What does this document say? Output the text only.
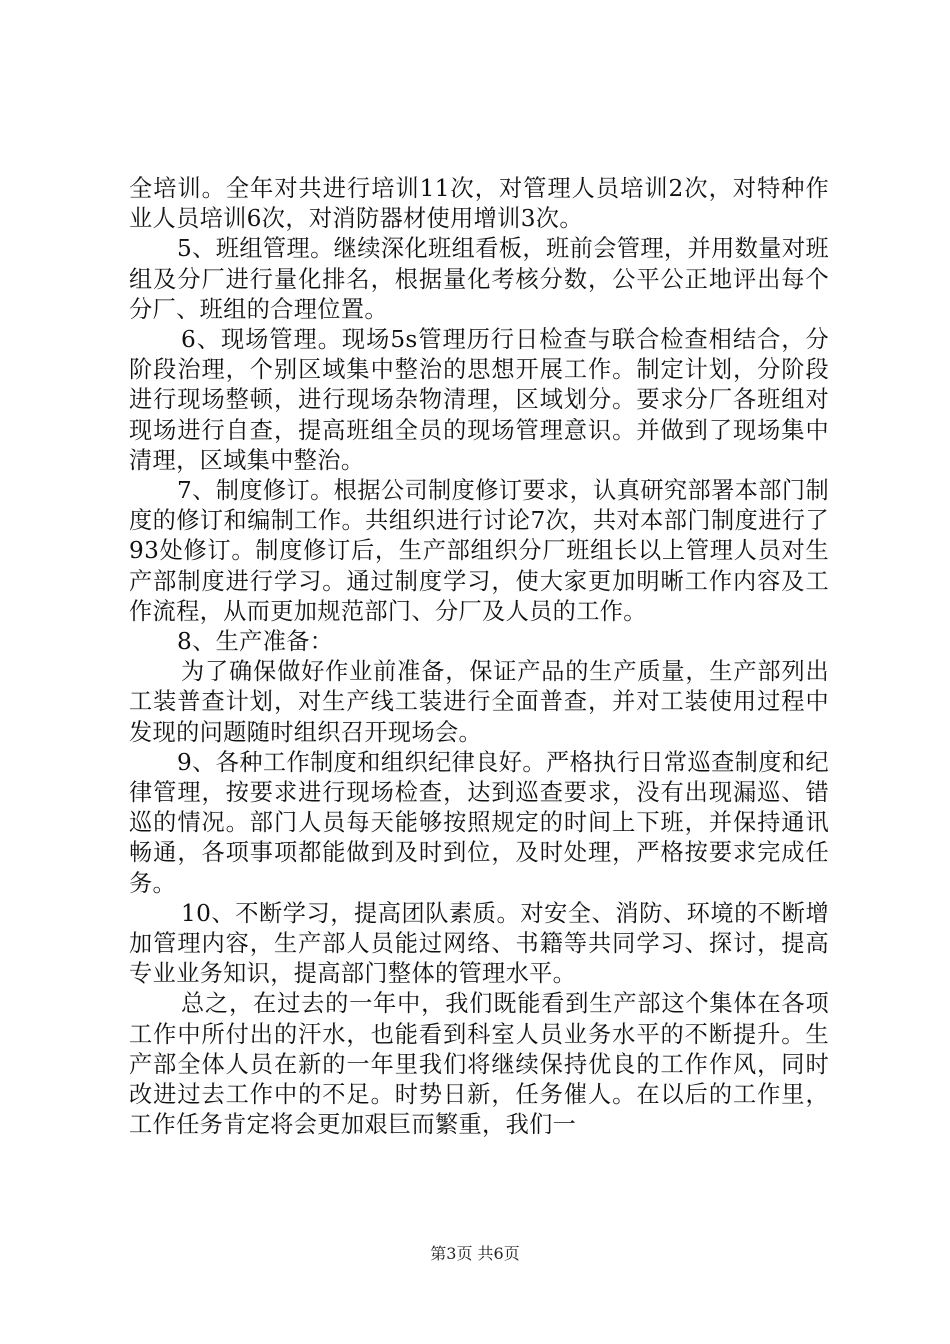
全培训。全年对共进行培训11次，对管理人员培训2次，对特种作业人员培训6次，对消防器材使用增训3次。

5、班组管理。继续深化班组看板，班前会管理，并用数量对班组及分厂进行量化排名，根据量化考核分数，公平公正地评出每个分厂、班组的合理位置。

6、现场管理。现场5s管理历行日检查与联合检查相结合，分阶段治理，个别区域集中整治的思想开展工作。制定计划，分阶段进行现场整顿，进行现场杂物清理，区域划分。要求分厂各班组对现场进行自查，提高班组全员的现场管理意识。并做到了现场集中清理，区域集中整治。

7、制度修订。根据公司制度修订要求，认真研究部署本部门制度的修订和编制工作。共组织进行讨论7次，共对本部门制度进行了93处修订。制度修订后，生产部组织分厂班组长以上管理人员对生产部制度进行学习。通过制度学习，使大家更加明晰工作内容及工作流程，从而更加规范部门、分厂及人员的工作。

8、生产准备：

为了确保做好作业前准备，保证产品的生产质量，生产部列出工装普查计划，对生产线工装进行全面普查，并对工装使用过程中发现的问题随时组织召开现场会。

9、各种工作制度和组织纪律良好。严格执行日常巡查制度和纪律管理，按要求进行现场检查，达到巡查要求，没有出现漏巡、错巡的情况。部门人员每天能够按照规定的时间上下班，并保持通讯畅通，各项事项都能做到及时到位，及时处理，严格按要求完成任务。

10、不断学习，提高团队素质。对安全、消防、环境的不断增加管理内容，生产部人员能过网络、书籍等共同学习、探讨，提高专业业务知识，提高部门整体的管理水平。

总之，在过去的一年中，我们既能看到生产部这个集体在各项工作中所付出的汗水，也能看到科室人员业务水平的不断提升。生产部全体人员在新的一年里我们将继续保持优良的工作作风，同时改进过去工作中的不足。时势日新，任务催人。在以后的工作里，工作任务肯定将会更加艰巨而繁重，我们一

第3页 共6页
